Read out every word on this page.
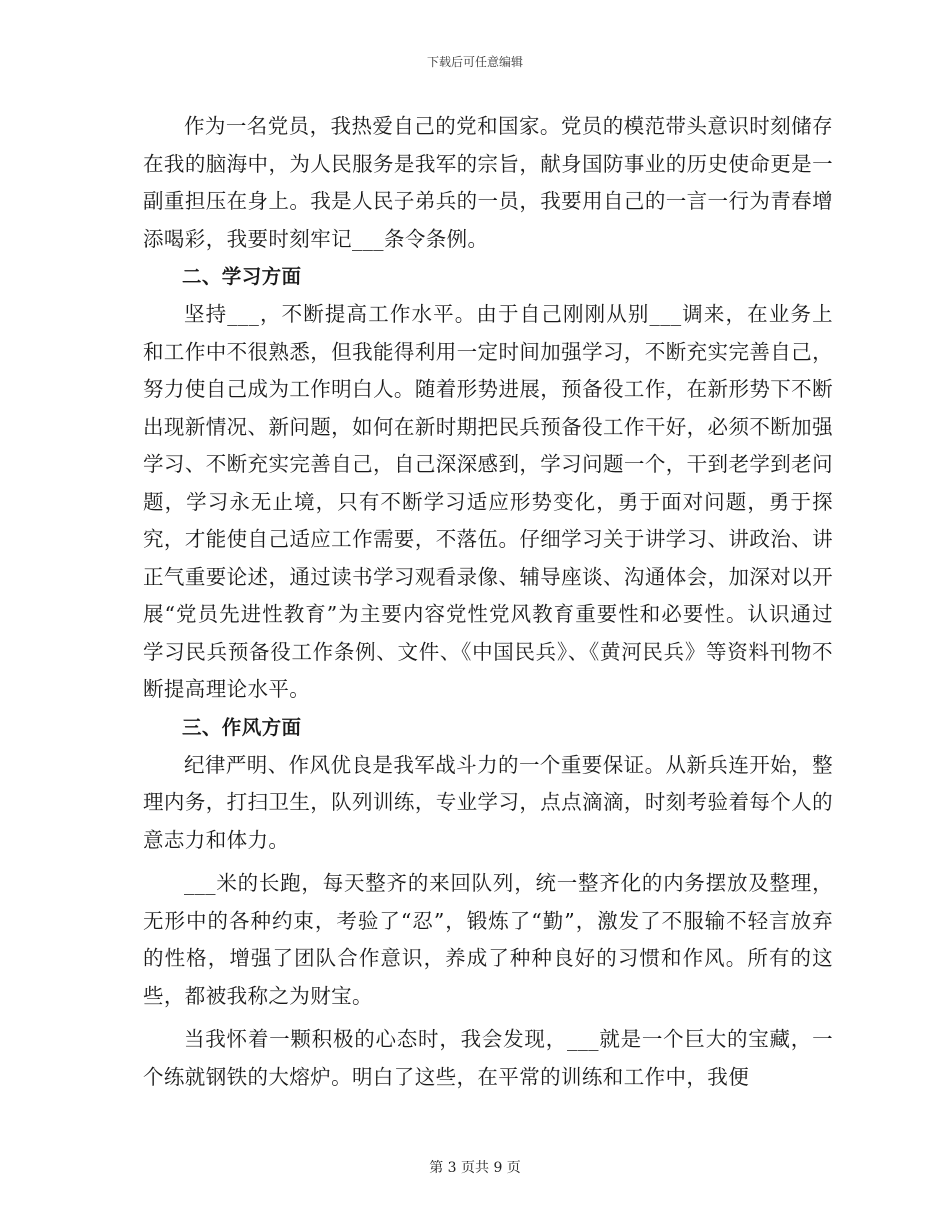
下载后可任意编辑

作为一名党员，我热爱自己的党和国家。党员的模范带头意识时刻储存在我的脑海中，为人民服务是我军的宗旨，献身国防事业的历史使命更是一副重担压在身上。我是人民子弟兵的一员，我要用自己的一言一行为青春增添喝彩，我要时刻牢记___条令条例。

二、学习方面

坚持___，不断提高工作水平。由于自己刚刚从别___调来，在业务上和工作中不很熟悉，但我能得利用一定时间加强学习，不断充实完善自己，努力使自己成为工作明白人。随着形势进展，预备役工作，在新形势下不断出现新情况、新问题，如何在新时期把民兵预备役工作干好，必须不断加强学习、不断充实完善自己，自己深深感到，学习问题一个，干到老学到老问题，学习永无止境，只有不断学习适应形势变化，勇于面对问题，勇于探究，才能使自己适应工作需要，不落伍。仔细学习关于讲学习、讲政治、讲正气重要论述，通过读书学习观看录像、辅导座谈、沟通体会，加深对以开展“党员先进性教育”为主要内容党性党风教育重要性和必要性。认识通过学习民兵预备役工作条例、文件、《中国民兵》、《黄河民兵》等资料刊物不断提高理论水平。

三、作风方面

纪律严明、作风优良是我军战斗力的一个重要保证。从新兵连开始，整理内务，打扫卫生，队列训练，专业学习，点点滴滴，时刻考验着每个人的意志力和体力。

___米的长跑，每天整齐的来回队列，统一整齐化的内务摆放及整理，无形中的各种约束，考验了“忍”，锻炼了“勤”，激发了不服输不轻言放弃的性格，增强了团队合作意识，养成了种种良好的习惯和作风。所有的这些，都被我称之为财宝。

当我怀着一颗积极的心态时，我会发现，___就是一个巨大的宝藏，一个练就钢铁的大熔炉。明白了这些，在平常的训练和工作中，我便

第 3 页共 9 页
